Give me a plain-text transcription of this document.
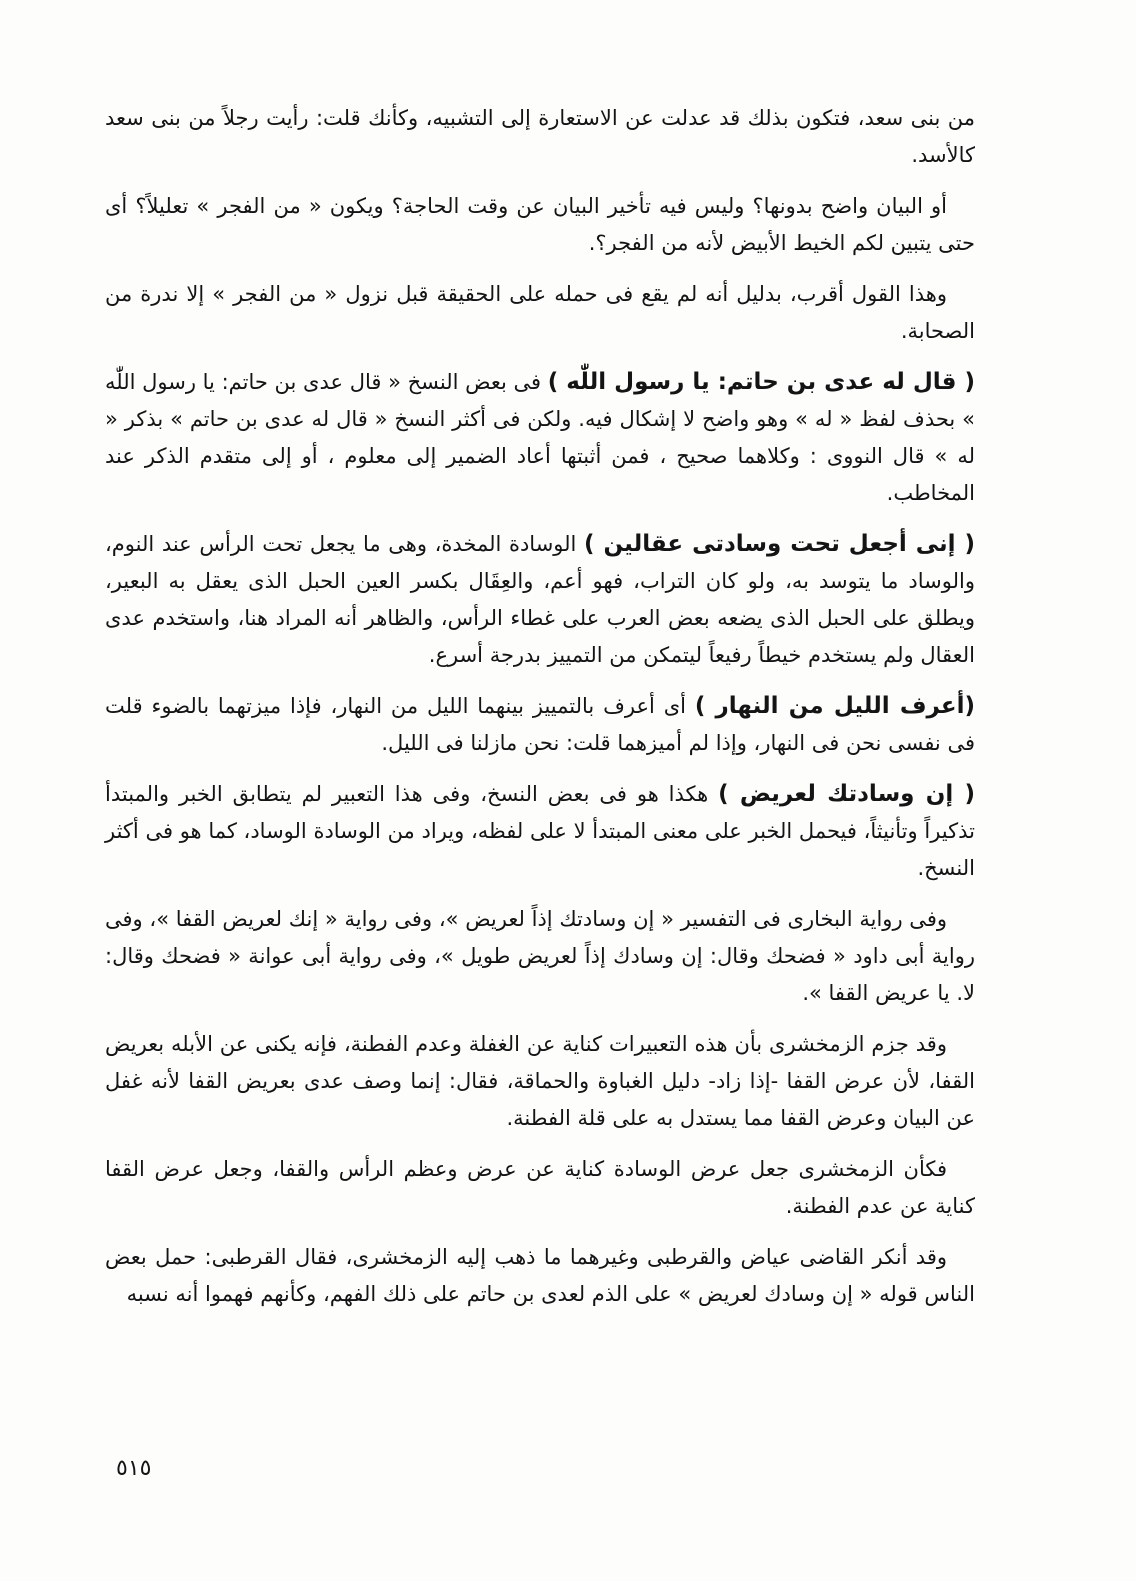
من بنى سعد، فتكون بذلك قد عدلت عن الاستعارة إلى التشبيه، وكأنك قلت: رأيت رجلاً من بنى سعد كالأسد.

أو البيان واضح بدونها؟ وليس فيه تأخير البيان عن وقت الحاجة؟ ويكون « من الفجر » تعليلاً؟ أى حتى يتبين لكم الخيط الأبيض لأنه من الفجر؟.

وهذا القول أقرب، بدليل أنه لم يقع فى حمله على الحقيقة قبل نزول « من الفجر » إلا ندرة من الصحابة.

( قال له عدى بن حاتم: يا رسول اللّٰه ) فى بعض النسخ « قال عدى بن حاتم: يا رسول اللّٰه » بحذف لفظ « له » وهو واضح لا إشكال فيه. ولكن فى أكثر النسخ « قال له عدى بن حاتم » بذكر « له » قال النووى : وكلاهما صحيح ، فمن أثبتها أعاد الضمير إلى معلوم ، أو إلى متقدم الذكر عند المخاطب.

( إنى أجعل تحت وسادتى عقالين ) الوسادة المخدة، وهى ما يجعل تحت الرأس عند النوم، والوساد ما يتوسد به، ولو كان التراب، فهو أعم، والعِقَال بكسر العين الحبل الذى يعقل به البعير، ويطلق على الحبل الذى يضعه بعض العرب على غطاء الرأس، والظاهر أنه المراد هنا، واستخدم عدى العقال ولم يستخدم خيطاً رفيعاً ليتمكن من التمييز بدرجة أسرع.

(أعرف الليل من النهار ) أى أعرف بالتمييز بينهما الليل من النهار، فإذا ميزتهما بالضوء قلت فى نفسى نحن فى النهار، وإذا لم أميزهما قلت: نحن مازلنا فى الليل.

( إن وسادتك لعريض ) هكذا هو فى بعض النسخ، وفى هذا التعبير لم يتطابق الخبر والمبتدأ تذكيراً وتأنيثاً، فيحمل الخبر على معنى المبتدأ لا على لفظه، ويراد من الوسادة الوساد، كما هو فى أكثر النسخ.

وفى رواية البخارى فى التفسير « إن وسادتك إذاً لعريض »، وفى رواية « إنك لعريض القفا »، وفى رواية أبى داود « فضحك وقال: إن وسادك إذاً لعريض طويل »، وفى رواية أبى عوانة « فضحك وقال: لا. يا عريض القفا ».

وقد جزم الزمخشرى بأن هذه التعبيرات كناية عن الغفلة وعدم الفطنة، فإنه يكنى عن الأبله بعريض القفا، لأن عرض القفا -إذا زاد- دليل الغباوة والحماقة، فقال: إنما وصف عدى بعريض القفا لأنه غفل عن البيان وعرض القفا مما يستدل به على قلة الفطنة.

فكأن الزمخشرى جعل عرض الوسادة كناية عن عرض وعظم الرأس والقفا، وجعل عرض القفا كناية عن عدم الفطنة.

وقد أنكر القاضى عياض والقرطبى وغيرهما ما ذهب إليه الزمخشرى، فقال القرطبى: حمل بعض الناس قوله « إن وسادك لعريض » على الذم لعدى بن حاتم على ذلك الفهم، وكأنهم فهموا أنه نسبه

٥١٥
